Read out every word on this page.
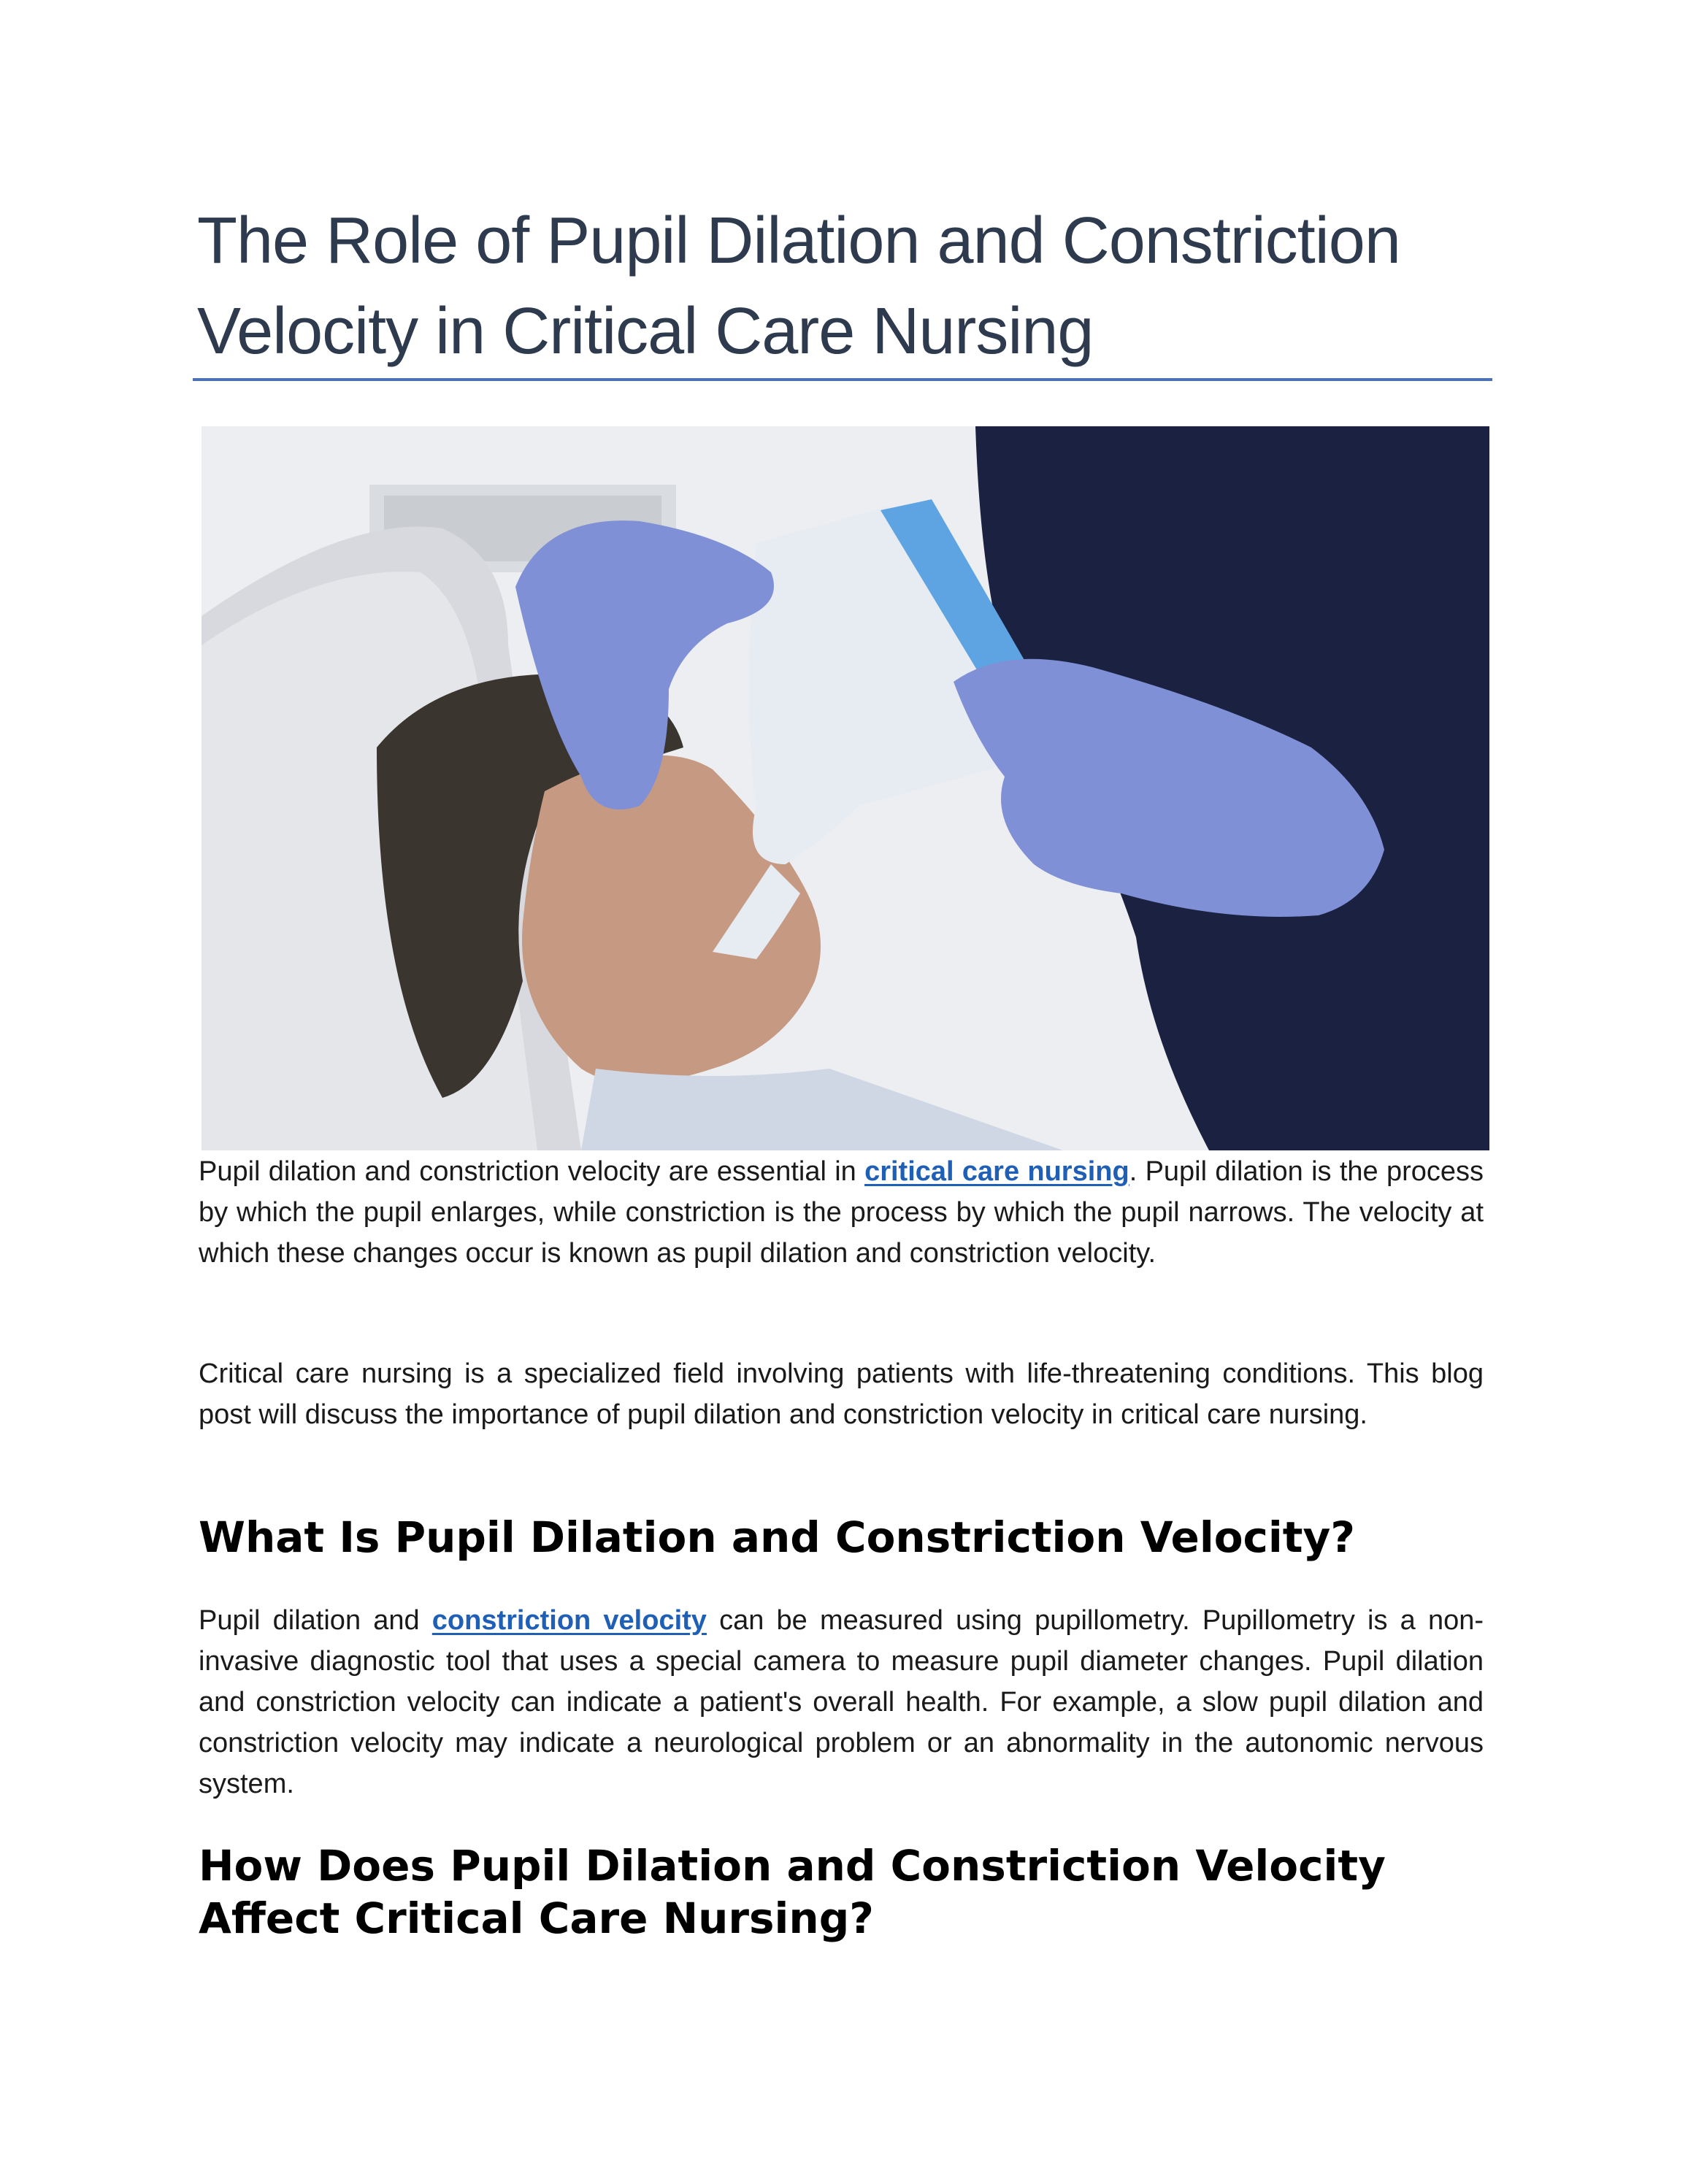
The Role of Pupil Dilation and Constriction
Velocity in Critical Care Nursing

Pupil dilation and constriction velocity are essential in critical care nursing. Pupil dilation is the process by which the pupil enlarges, while constriction is the process by which the pupil narrows. The velocity at which these changes occur is known as pupil dilation and constriction velocity.

Critical care nursing is a specialized field involving patients with life-threatening conditions. This blog post will discuss the importance of pupil dilation and constriction velocity in critical care nursing.

What Is Pupil Dilation and Constriction Velocity?

Pupil dilation and constriction velocity can be measured using pupillometry. Pupillometry is a non-invasive diagnostic tool that uses a special camera to measure pupil diameter changes. Pupil dilation and constriction velocity can indicate a patient's overall health. For example, a slow pupil dilation and constriction velocity may indicate a neurological problem or an abnormality in the autonomic nervous system.

How Does Pupil Dilation and Constriction Velocity
Affect Critical Care Nursing?
